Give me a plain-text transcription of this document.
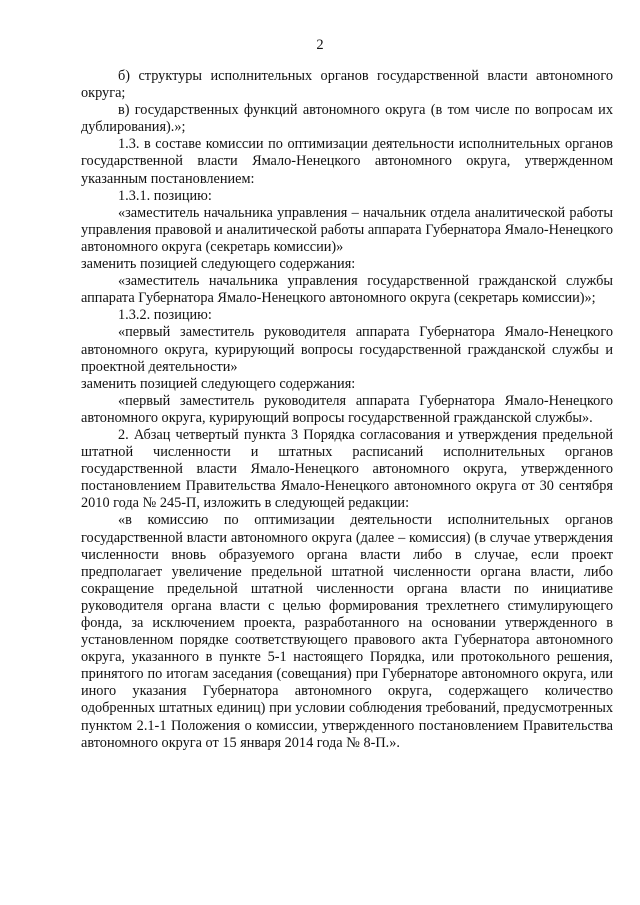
2

б) структуры исполнительных органов государственной власти автономного округа;

в) государственных функций автономного округа (в том числе по вопросам их дублирования).»;

1.3. в составе комиссии по оптимизации деятельности исполнительных органов государственной власти Ямало-Ненецкого автономного округа, утвержденном указанным постановлением:

1.3.1. позицию:

«заместитель начальника управления – начальник отдела аналитической работы управления правовой и аналитической работы аппарата Губернатора Ямало-Ненецкого автономного округа (секретарь комиссии)»

заменить позицией следующего содержания:

«заместитель начальника управления государственной гражданской службы аппарата Губернатора Ямало-Ненецкого автономного округа (секретарь комиссии)»;

1.3.2. позицию:

«первый заместитель руководителя аппарата Губернатора Ямало-Ненецкого автономного округа, курирующий вопросы государственной гражданской службы и проектной деятельности»

заменить позицией следующего содержания:

«первый заместитель руководителя аппарата Губернатора Ямало-Ненецкого автономного округа, курирующий вопросы государственной гражданской службы».

2. Абзац четвертый пункта 3 Порядка согласования и утверждения предельной штатной численности и штатных расписаний исполнительных органов государственной власти Ямало-Ненецкого автономного округа, утвержденного постановлением Правительства Ямало-Ненецкого автономного округа от 30 сентября 2010 года № 245-П, изложить в следующей редакции:

«в комиссию по оптимизации деятельности исполнительных органов государственной власти автономного округа (далее – комиссия) (в случае утверждения численности вновь образуемого органа власти либо в случае, если проект предполагает увеличение предельной штатной численности органа власти, либо сокращение предельной штатной численности органа власти по инициативе руководителя органа власти с целью формирования трехлетнего стимулирующего фонда, за исключением проекта, разработанного на основании утвержденного в установленном порядке соответствующего правового акта Губернатора автономного округа, указанного в пункте 5-1 настоящего Порядка, или протокольного решения, принятого по итогам заседания (совещания) при Губернаторе автономного округа, или иного указания Губернатора автономного округа, содержащего количество одобренных штатных единиц) при условии соблюдения требований, предусмотренных пунктом 2.1-1 Положения о комиссии, утвержденного постановлением Правительства автономного округа от 15 января 2014 года № 8-П.».
